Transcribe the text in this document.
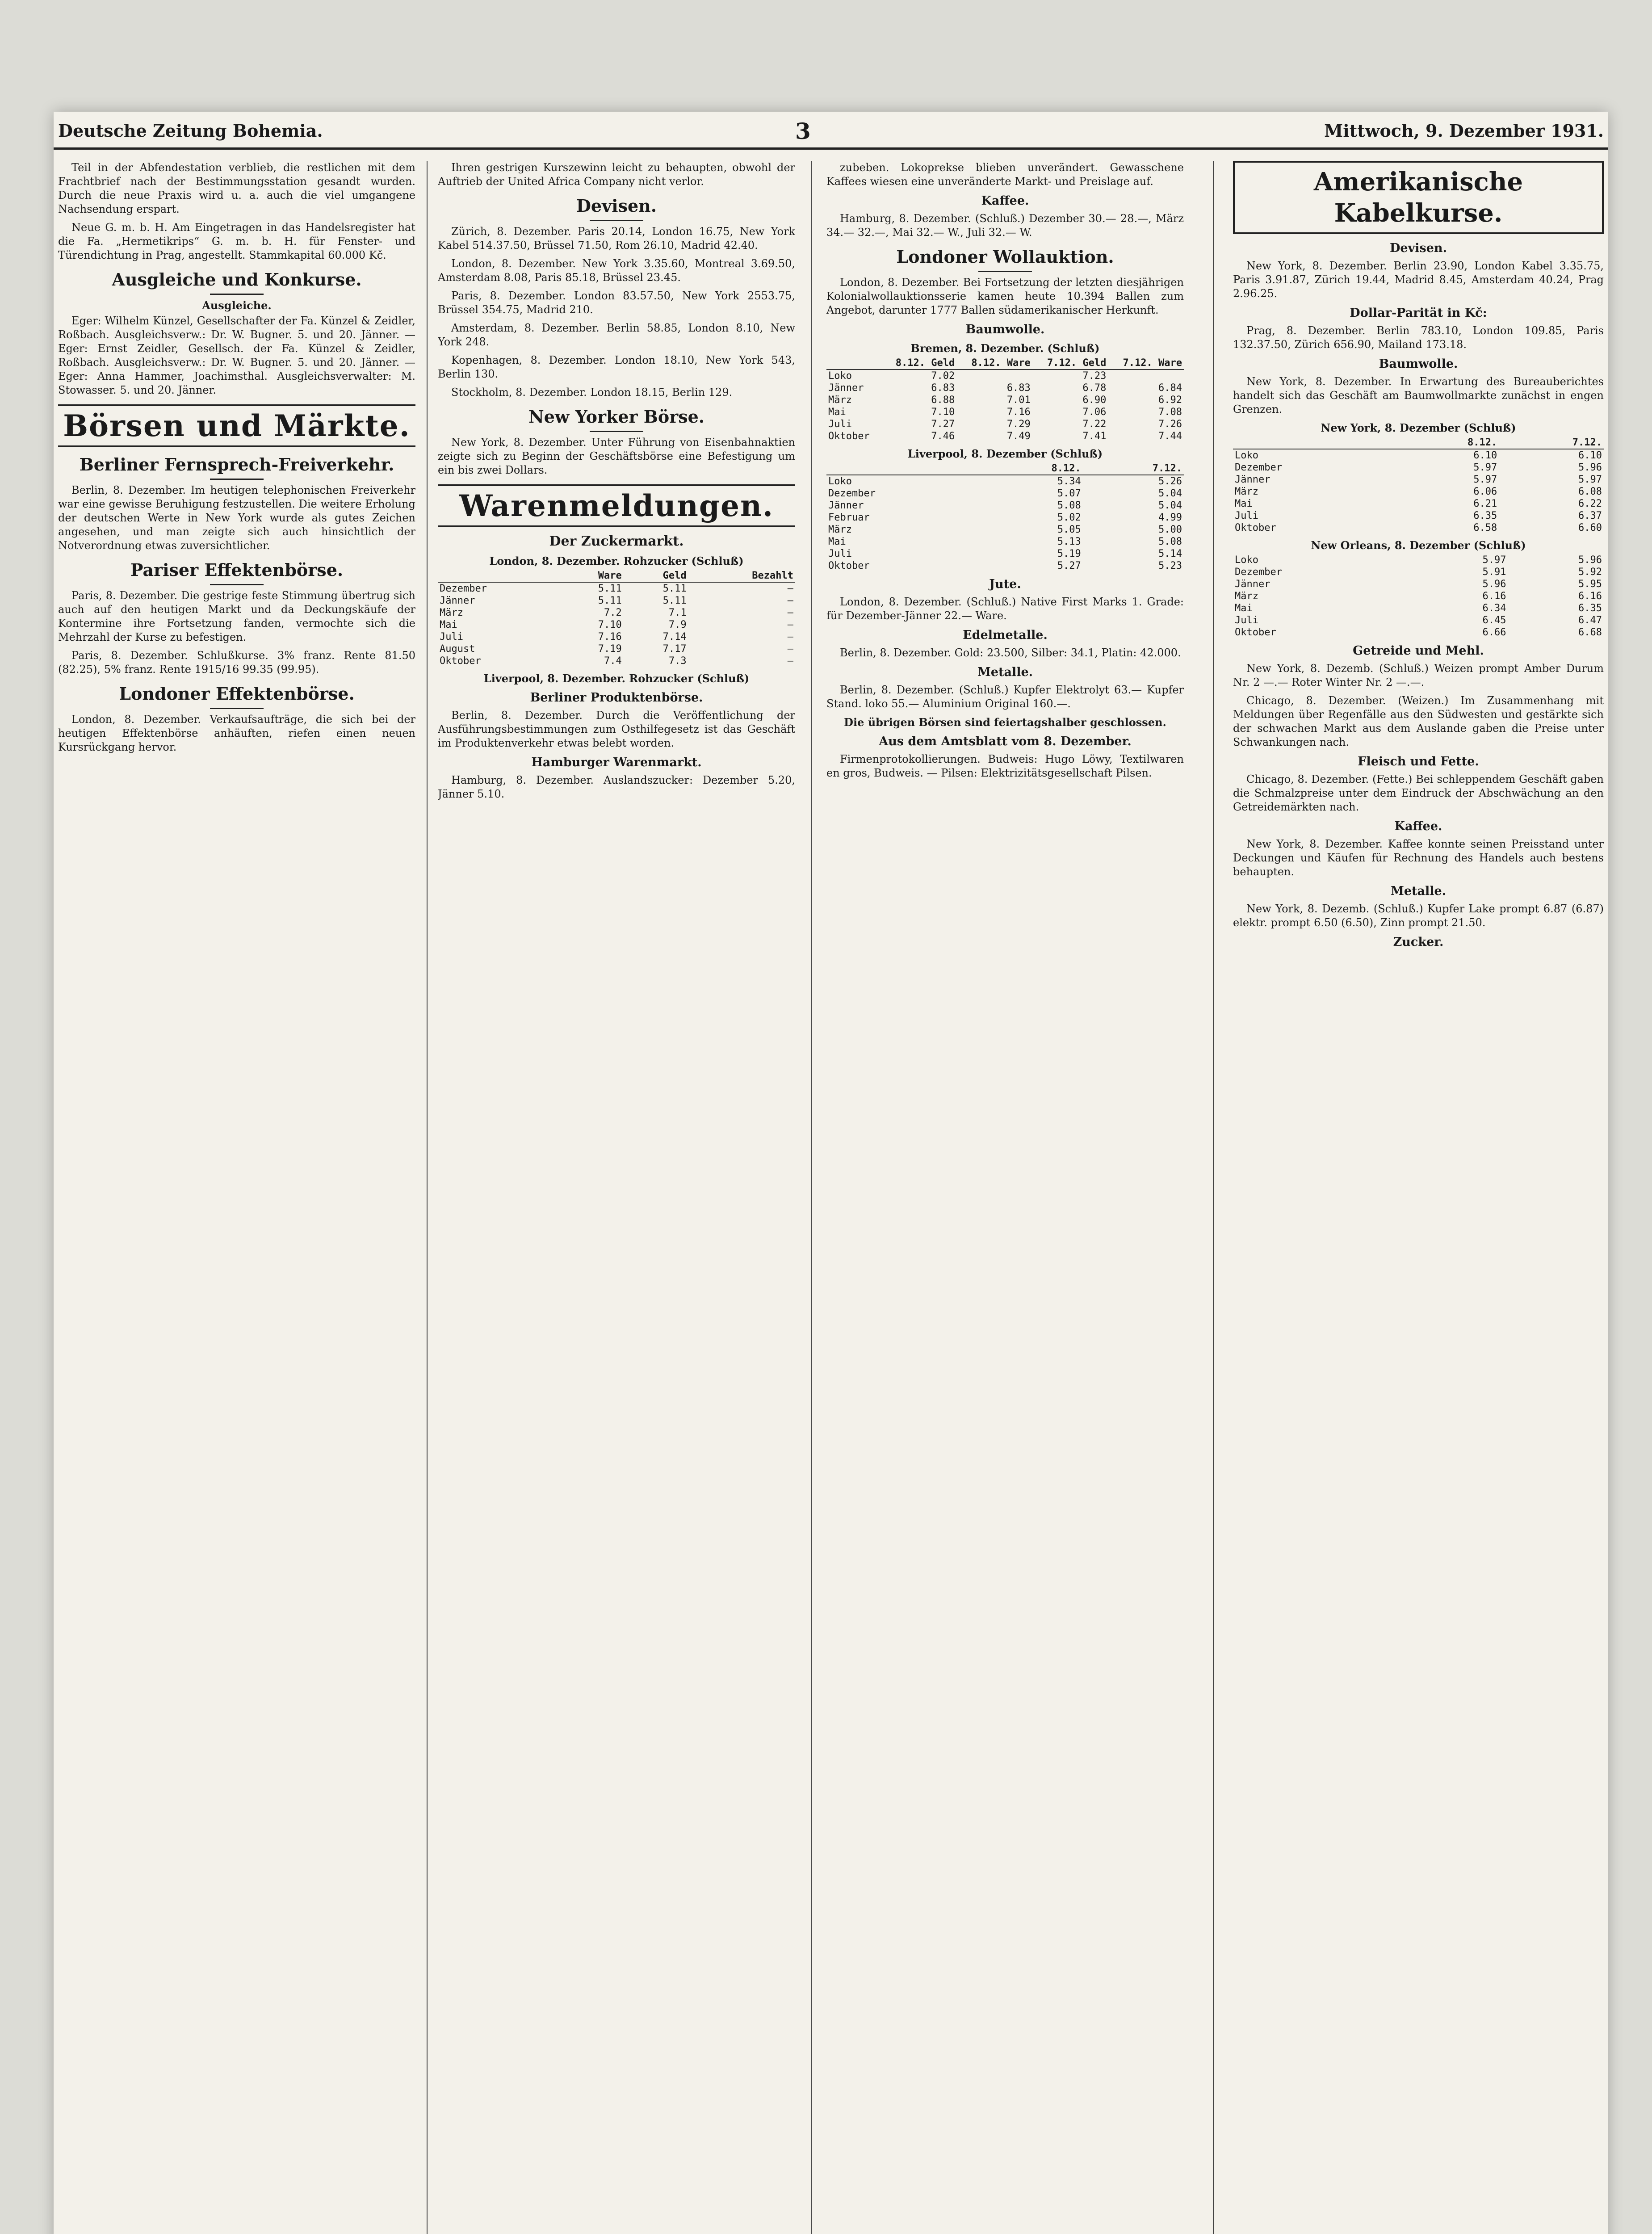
Deutsche Zeitung Bohemia.	3	Mittwoch, 9. Dezember 1931.

Teil in der Abfendestation verblieb, die restlichen mit dem Frachtbrief nach der Bestimmungsstation gesandt wurden. Durch die neue Praxis wird u. a. auch die viel umgangene Nachsendung erspart.

Neue G. m. b. H. Am Eingetragen in das Handelsregister hat die Fa. „Hermetikrips“ G. m. b. H. für Fenster- und Türendichtung in Prag, angestellt. Stammkapital 60.000 Kč.

Ausgleiche und Konkurse.
Ausgleiche.

Eger: Wilhelm Künzel, Gesellschafter der Fa. Künzel & Zeidler, Roßbach. Ausgleichsverw.: Dr. W. Bugner. 5. und 20. Jänner. — Eger: Ernst Zeidler, Gesellsch. der Fa. Künzel & Zeidler, Roßbach. Ausgleichsverw.: Dr. W. Bugner. 5. und 20. Jänner. — Eger: Anna Hammer, Joachimsthal. Ausgleichsverwalter: M. Stowasser. 5. und 20. Jänner.

Börsen und Märkte.
Berliner Fernsprech-Freiverkehr.

Berlin, 8. Dezember. Im heutigen telephonischen Freiverkehr war eine gewisse Beruhigung festzustellen. Die weitere Erholung der deutschen Werte in New York wurde als gutes Zeichen angesehen, und man zeigte sich auch hinsichtlich der Notverordnung etwas zuversichtlicher.

Pariser Effektenbörse.

Paris, 8. Dezember. Die gestrige feste Stimmung übertrug sich auch auf den heutigen Markt und da Deckungskäufe der Kontermine ihre Fortsetzung fanden, vermochte sich die Mehrzahl der Kurse zu befestigen.

Paris, 8. Dezember. Schlußkurse. 3% franz. Rente 81.50 (82.25), 5% franz. Rente 1915/16 99.35 (99.95).

Londoner Effektenbörse.

London, 8. Dezember. Verkaufsaufträge, die sich bei der heutigen Effektenbörse anhäuften, riefen einen neuen Kursrückgang hervor.

Ihren gestrigen Kurszewinn leicht zu behaupten, obwohl der Auftrieb der United Africa Company nicht verlor.

Devisen.

Zürich, 8. Dezember. Paris 20.14, London 16.75, New York Kabel 514.37.50, Brüssel 71.50, Rom 26.10, Madrid 42.40.

London, 8. Dezember. New York 3.35.60, Montreal 3.69.50, Amsterdam 8.08, Paris 85.18, Brüssel 23.45.

Paris, 8. Dezember. London 83.57.50, New York 2553.75, Brüssel 354.75, Madrid 210.

Amsterdam, 8. Dezember. Berlin 58.85, London 8.10, New York 248.

Kopenhagen, 8. Dezember. London 18.10, New York 543, Berlin 130.

Stockholm, 8. Dezember. London 18.15, Berlin 129.

New Yorker Börse.

New York, 8. Dezember. Unter Führung von Eisenbahnaktien zeigte sich zu Beginn der Geschäftsbörse eine Befestigung um ein bis zwei Dollars.

Warenmeldungen.
Der Zuckermarkt.
London, 8. Dezember. Rohzucker (Schluß)
	Ware	Geld	Bezahlt
Dezember	5.11	5.11	—
Jänner	5.11	5.11	—
März	7.2	7.1	—
Mai	7.10	7.9	—
Juli	7.16	7.14	—
August	7.19	7.17	—
Oktober	7.4	7.3	—
Liverpool, 8. Dezember. Rohzucker (Schluß)
Berliner Produktenbörse.

Berlin, 8. Dezember. Durch die Veröffentlichung der Ausführungsbestimmungen zum Osthilfegesetz ist das Geschäft im Produktenverkehr etwas belebt worden.

Hamburger Warenmarkt.

Hamburg, 8. Dezember. Auslandszucker: Dezember 5.20, Jänner 5.10.

zubeben. Lokoprekse blieben unverändert. Gewasschene Kaffees wiesen eine unveränderte Markt- und Preislage auf.

Kaffee.

Hamburg, 8. Dezember. (Schluß.) Dezember 30.— 28.—, März 34.— 32.—, Mai 32.— W., Juli 32.— W.

Londoner Wollauktion.

London, 8. Dezember. Bei Fortsetzung der letzten diesjährigen Kolonialwollauktionsserie kamen heute 10.394 Ballen zum Angebot, darunter 1777 Ballen südamerikanischer Herkunft.

Baumwolle.
Bremen, 8. Dezember. (Schluß)
	8.12. Geld	8.12. Ware	7.12. Geld	7.12. Ware
Loko	7.02		7.23	
Jänner	6.83	6.83	6.78	6.84
März	6.88	7.01	6.90	6.92
Mai	7.10	7.16	7.06	7.08
Juli	7.27	7.29	7.22	7.26
Oktober	7.46	7.49	7.41	7.44
Liverpool, 8. Dezember (Schluß)
	8.12.	7.12.
Loko	5.34	5.26
Dezember	5.07	5.04
Jänner	5.08	5.04
Februar	5.02	4.99
März	5.05	5.00
Mai	5.13	5.08
Juli	5.19	5.14
Oktober	5.27	5.23
Jute.

London, 8. Dezember. (Schluß.) Native First Marks 1. Grade: für Dezember-Jänner 22.— Ware.

Edelmetalle.

Berlin, 8. Dezember. Gold: 23.500, Silber: 34.1, Platin: 42.000.

Metalle.

Berlin, 8. Dezember. (Schluß.) Kupfer Elektrolyt 63.— Kupfer Stand. loko 55.— Aluminium Original 160.—.

Die übrigen Börsen sind feiertagshalber geschlossen.
Aus dem Amtsblatt vom 8. Dezember.

Firmenprotokollierungen. Budweis: Hugo Löwy, Textilwaren en gros, Budweis. — Pilsen: Elektrizitätsgesellschaft Pilsen.

Amerikanische Kabelkurse.
Devisen.

New York, 8. Dezember. Berlin 23.90, London Kabel 3.35.75, Paris 3.91.87, Zürich 19.44, Madrid 8.45, Amsterdam 40.24, Prag 2.96.25.

Dollar-Parität in Kč:

Prag, 8. Dezember. Berlin 783.10, London 109.85, Paris 132.37.50, Zürich 656.90, Mailand 173.18.

Baumwolle.

New York, 8. Dezember. In Erwartung des Bureauberichtes handelt sich das Geschäft am Baumwollmarkte zunächst in engen Grenzen.

New York, 8. Dezember (Schluß)
	8.12.	7.12.
Loko	6.10	6.10
Dezember	5.97	5.96
Jänner	5.97	5.97
März	6.06	6.08
Mai	6.21	6.22
Juli	6.35	6.37
Oktober	6.58	6.60
New Orleans, 8. Dezember (Schluß)
Loko	5.97	5.96
Dezember	5.91	5.92
Jänner	5.96	5.95
März	6.16	6.16
Mai	6.34	6.35
Juli	6.45	6.47
Oktober	6.66	6.68
Getreide und Mehl.

New York, 8. Dezemb. (Schluß.) Weizen prompt Amber Durum Nr. 2 —.— Roter Winter Nr. 2 —.—.

Chicago, 8. Dezember. (Weizen.) Im Zusammenhang mit Meldungen über Regenfälle aus den Südwesten und gestärkte sich der schwachen Markt aus dem Auslande gaben die Preise unter Schwankungen nach.

Fleisch und Fette.

Chicago, 8. Dezember. (Fette.) Bei schleppendem Geschäft gaben die Schmalzpreise unter dem Eindruck der Abschwächung an den Getreidemärkten nach.

Kaffee.

New York, 8. Dezember. Kaffee konnte seinen Preisstand unter Deckungen und Käufen für Rechnung des Handels auch bestens behaupten.

Metalle.

New York, 8. Dezemb. (Schluß.) Kupfer Lake prompt 6.87 (6.87) elektr. prompt 6.50 (6.50), Zinn prompt 21.50.

Zucker.
